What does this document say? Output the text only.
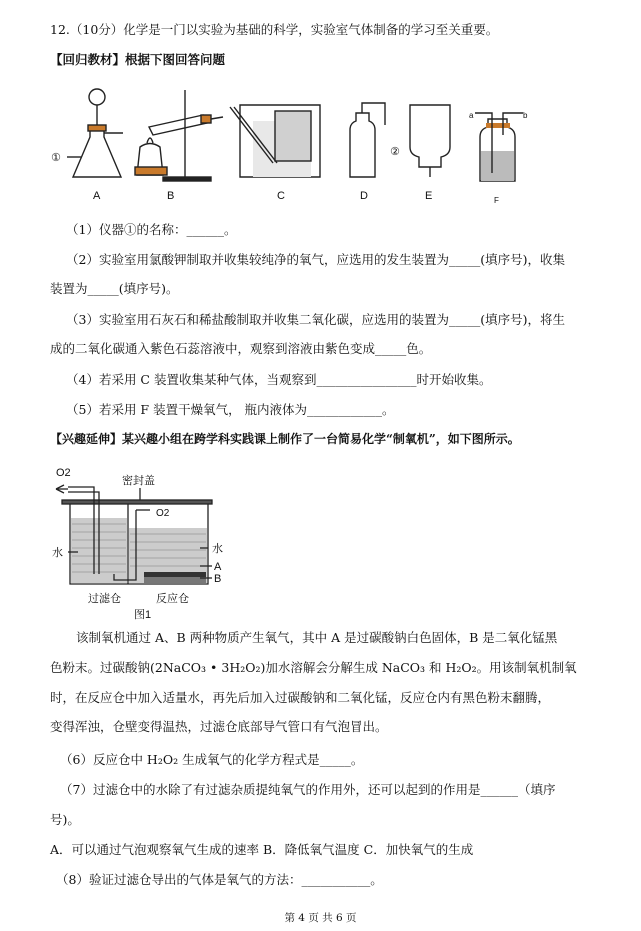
12.（10分）化学是一门以实验为基础的科学，实验室气体制备的学习至关重要。
【回归教材】根据下图回答问题
①	②
A	B	C	D	E	F
a	b
（1）仪器①的名称：______。
（2）实验室用氯酸钾制取并收集较纯净的氧气，应选用的发生装置为_____(填序号)，收集
装置为_____(填序号)。
（3）实验室用石灰石和稀盐酸制取并收集二氧化碳，应选用的装置为_____(填序号)，将生
成的二氧化碳通入紫色石蕊溶液中，观察到溶液由紫色变成_____色。
（4）若采用 C 装置收集某种气体，当观察到________________时开始收集。
（5）若采用 F 装置干燥氧气， 瓶内液体为____________。
【兴趣延伸】某兴趣小组在跨学科实践课上制作了一台简易化学“制氧机”，如下图所示。
O2
密封盖
O2
水	水
A
B
过滤仓	反应仓
图1
该制氧机通过 A、B 两种物质产生氧气，其中 A 是过碳酸钠白色固体，B 是二氧化锰黑
色粉末。过碳酸钠(2NaCO₃ • 3H₂O₂)加水溶解会分解生成 NaCO₃ 和 H₂O₂。用该制氧机制氧
时，在反应仓中加入适量水，再先后加入过碳酸钠和二氧化锰，反应仓内有黑色粉末翻腾，
变得浑浊，仓壁变得温热，过滤仓底部导气管口有气泡冒出。
（6）反应仓中 H₂O₂ 生成氧气的化学方程式是_____。
（7）过滤仓中的水除了有过滤杂质提纯氧气的作用外，还可以起到的作用是______（填序
号)。
A．可以通过气泡观察氧气生成的速率 B．降低氧气温度 C．加快氧气的生成
（8）验证过滤仓导出的气体是氧气的方法：___________。
第 4 页 共 6 页
